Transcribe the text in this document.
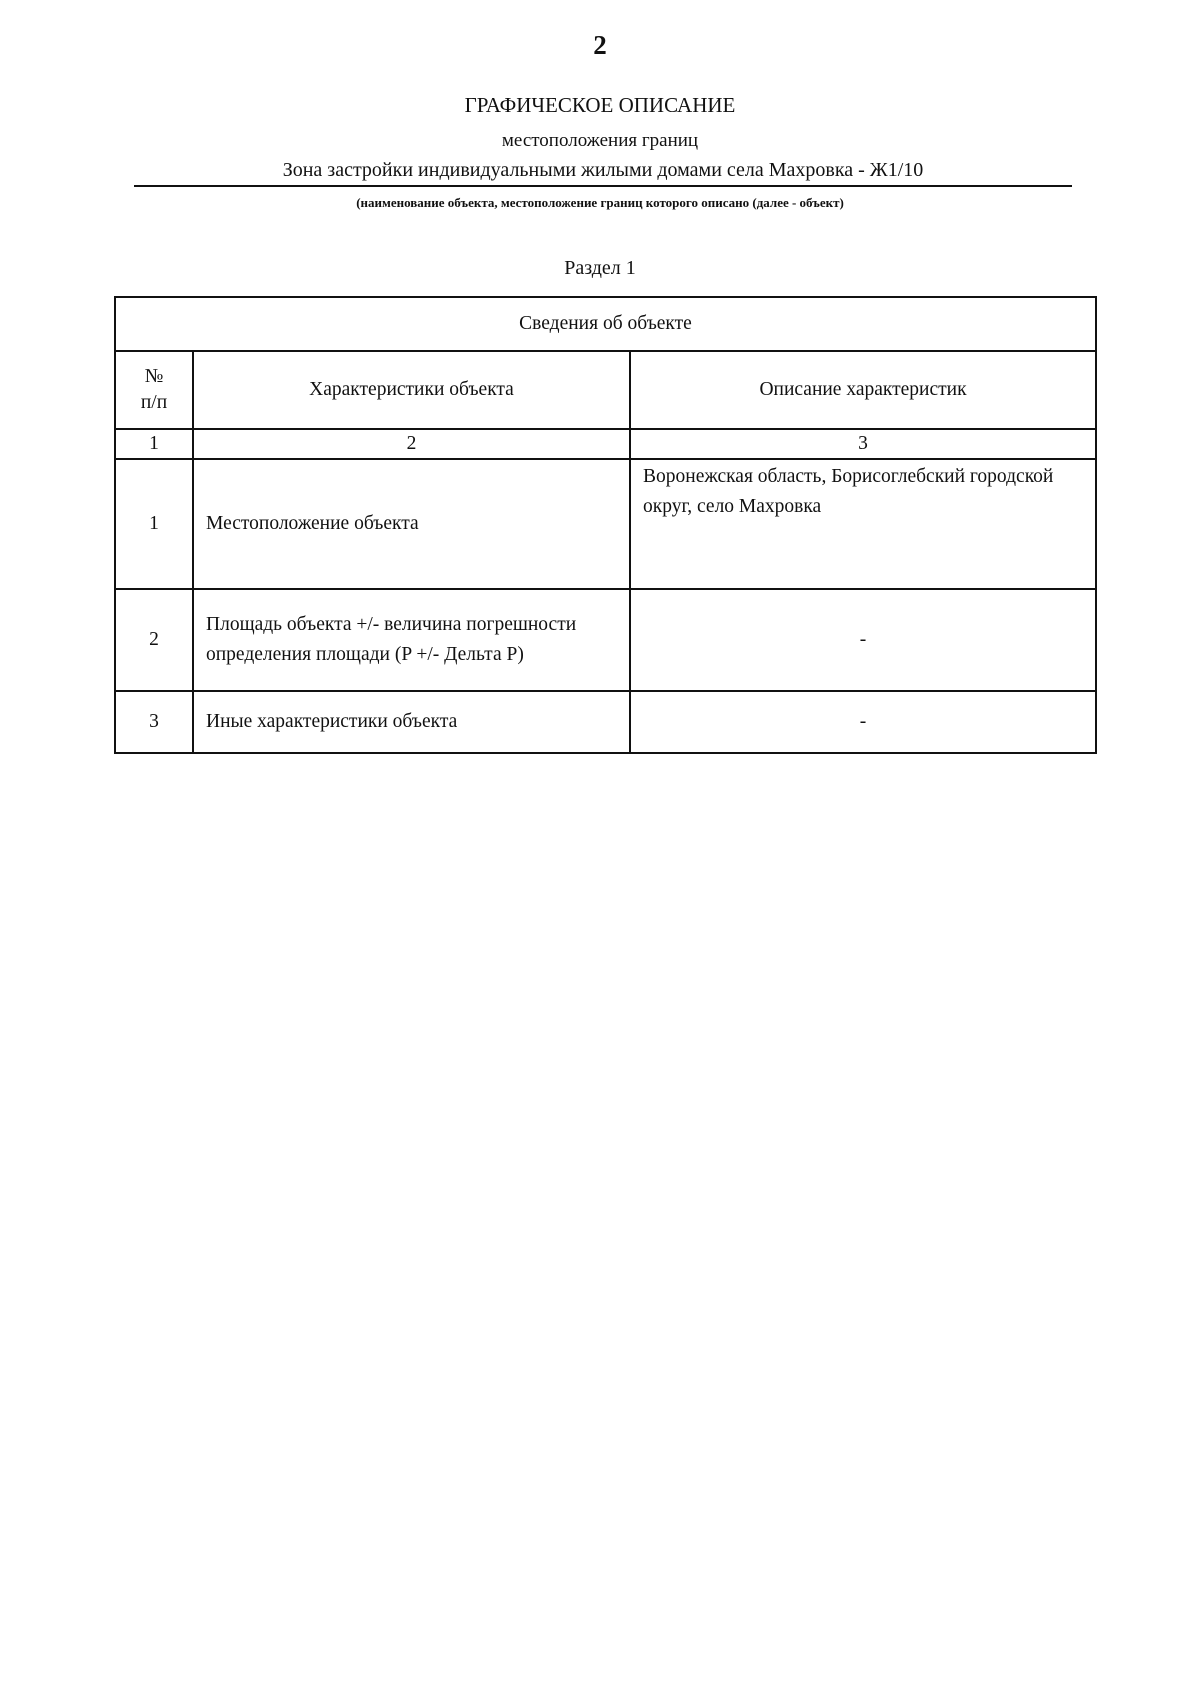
2
ГРАФИЧЕСКОЕ ОПИСАНИЕ
местоположения границ
Зона застройки индивидуальными жилыми домами села Махровка - Ж1/10
(наименование объекта, местоположение границ которого описано (далее - объект)
Раздел 1
Сведения об объекте		
№
п/п	Характеристики объекта	Описание характеристик
1	2	3
1	Местоположение объекта	Воронежская область, Борисоглебский городской округ, село Махровка
2	Площадь объекта +/- величина погрешности определения площади (P +/- Дельта P)	-
3	Иные характеристики объекта	-
